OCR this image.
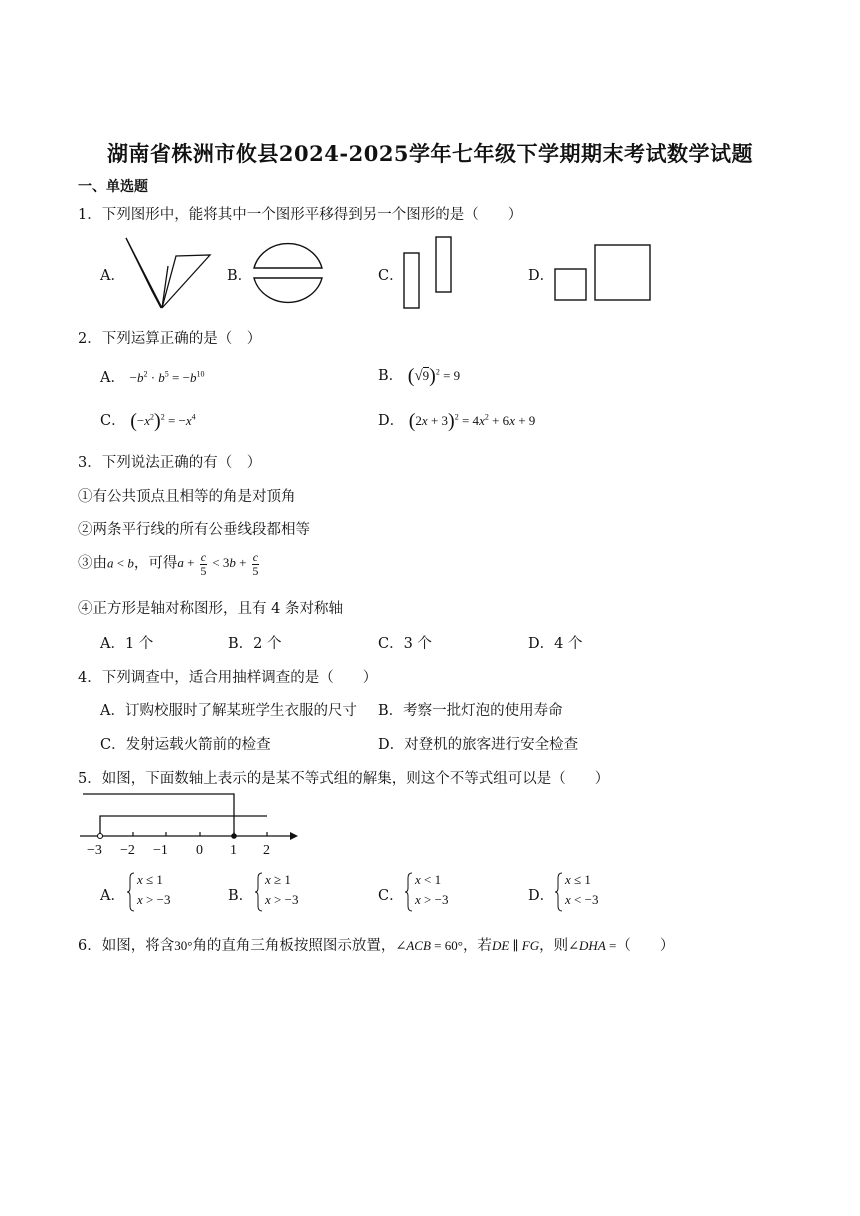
湖南省株洲市攸县2024-2025学年七年级下学期期末考试数学试题
一、单选题
1．下列图形中，能将其中一个图形平移得到另一个图形的是（　　）
A．	B．	C．	D．
2．下列运算正确的是（　）
A． $-b^2 \cdot b^5 = -b^{10}$	B． $(√9)^2 = 9$
C． $(-x^2)^2 = -x^4$	D． $(2x + 3)^2 = 4x^2 + 6x + 9$
3．下列说法正确的有（　）
①有公共顶点且相等的角是对顶角
②两条平行线的所有公垂线段都相等
③由a < b，可得$a + \frac{c}{5} < 3b + \frac{c}{5}$
④正方形是轴对称图形，且有 4 条对称轴
A．1 个	B．2 个	C．3 个	D．4 个
4．下列调查中，适合用抽样调查的是（　　）
A．订购校服时了解某班学生衣服的尺寸 B．考察一批灯泡的使用寿命
C．发射运载火箭前的检查	D．对登机的旅客进行安全检查
5．如图，下面数轴上表示的是某不等式组的解集，则这个不等式组可以是（　　）
−3 −2 −1 0 1 2
A．
x ≤ 1
x > −3	B．
x ≥ 1
x > −3	C．
x < 1
x > −3	D．
x ≤ 1
x < −3
6．如图，将含30°角的直角三角板按照图示放置，∠ACB = 60°，若DE ∥ FG，则∠DHA =（　　）
